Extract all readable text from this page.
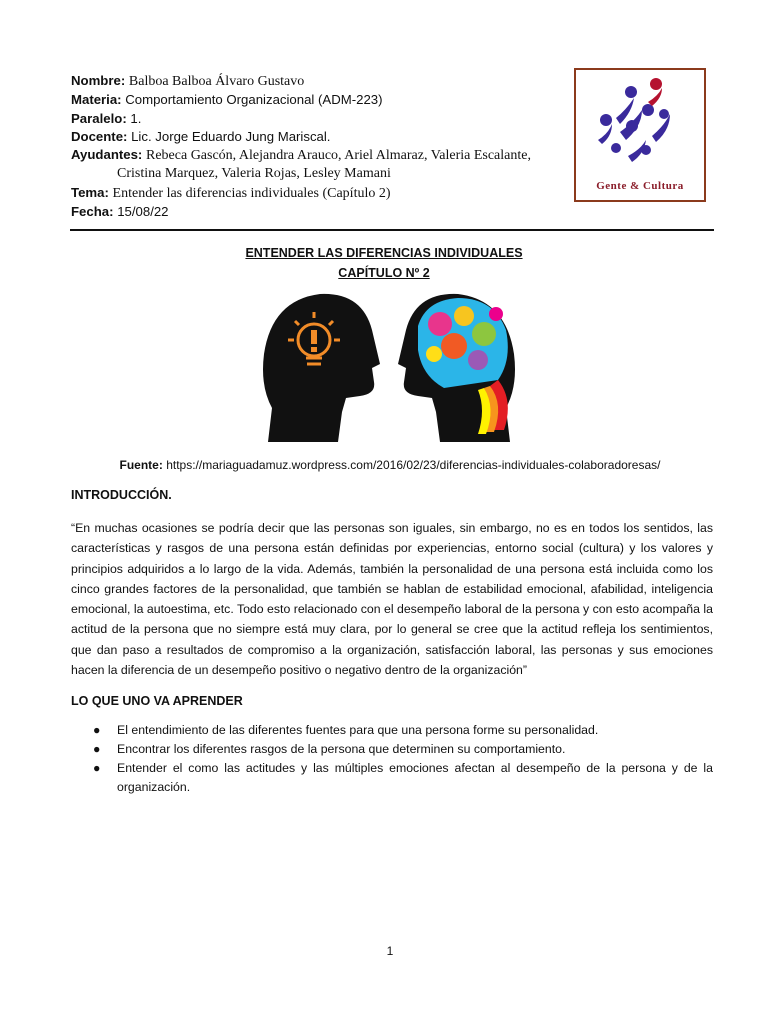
Nombre: Balboa Balboa Álvaro Gustavo
Materia: Comportamiento Organizacional (ADM-223)
Paralelo: 1.
Docente: Lic. Jorge Eduardo Jung Mariscal.
Ayudantes: Rebeca Gascón, Alejandra Arauco, Ariel Almaraz, Valeria Escalante,
Cristina Marquez, Valeria Rojas, Lesley Mamani
Tema: Entender las diferencias individuales (Capítulo 2)
Fecha: 15/08/22
Gente & Cultura
ENTENDER LAS DIFERENCIAS INDIVIDUALES
CAPÍTULO Nº 2
Fuente: https://mariaguadamuz.wordpress.com/2016/02/23/diferencias-individuales-colaboradoresas/
INTRODUCCIÓN.
“En muchas ocasiones se podría decir que las personas son iguales, sin embargo, no es en todos los sentidos, las características y rasgos de una persona están definidas por experiencias, entorno social (cultura) y los valores y principios adquiridos a lo largo de la vida. Además, también la personalidad de una persona está incluida como los cinco grandes factores de la personalidad, que también se hablan de estabilidad emocional, afabilidad, inteligencia emocional, la autoestima, etc. Todo esto relacionado con el desempeño laboral de la persona y con esto acompaña la actitud de la persona que no siempre está muy clara, por lo general se cree que la actitud refleja los sentimientos, que dan paso a resultados de compromiso a la organización, satisfacción laboral, las personas y sus emociones hacen la diferencia de un desempeño positivo o negativo dentro de la organización”
LO QUE UNO VA APRENDER
● El entendimiento de las diferentes fuentes para que una persona forme su personalidad.
● Encontrar los diferentes rasgos de la persona que determinen su comportamiento.
● Entender el como las actitudes y las múltiples emociones afectan al desempeño de la persona y de la organización.
1
